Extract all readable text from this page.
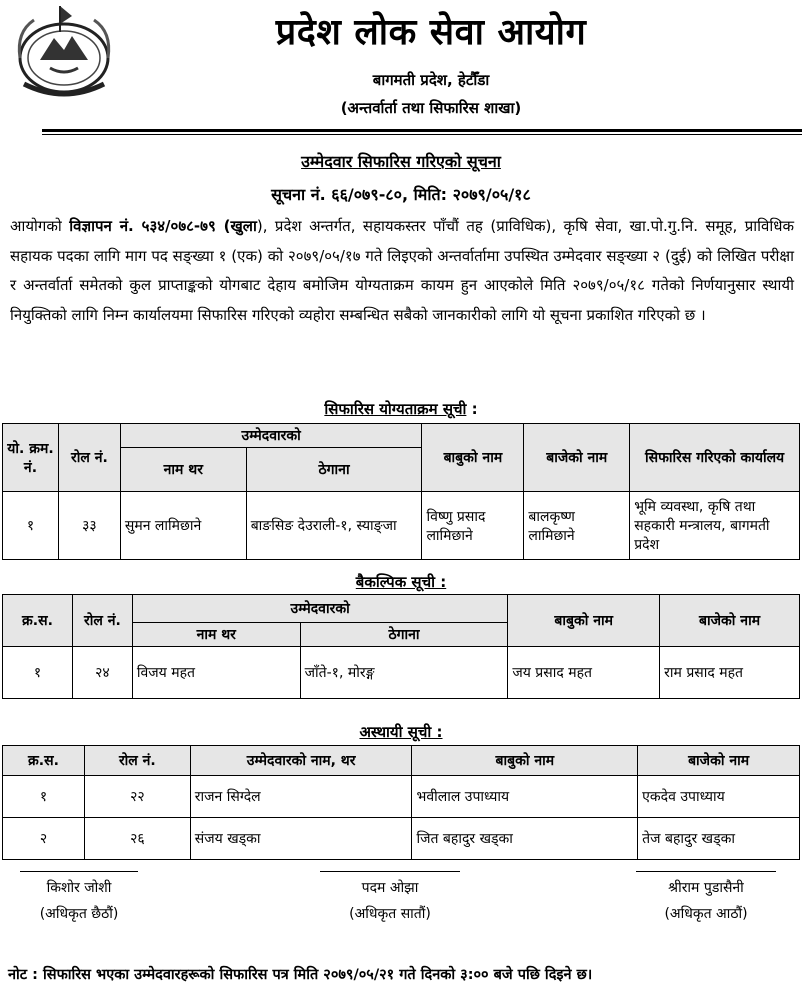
प्रदेश लोक सेवा आयोग
बागमती प्रदेश, हेटौँडा
(अन्तर्वार्ता तथा सिफारिस शाखा)
उम्मेदवार सिफारिस गरिएको सूचना
सूचना नं. ६६/०७९-८०, मिति: २०७९/०५/१८
आयोगको विज्ञापन नं. ५३४/०७८-७९ (खुला), प्रदेश अन्तर्गत, सहायकस्तर पाँचौं तह (प्राविधिक), कृषि सेवा, खा.पो.गु.नि. समूह, प्राविधिक सहायक पदका लागि माग पद सङ्ख्या १ (एक) को २०७९/०५/१७ गते लिइएको अन्तर्वार्तामा उपस्थित उम्मेदवार सङ्ख्या २ (दुई) को लिखित परीक्षा र अन्तर्वार्ता समेतको कुल प्राप्ताङ्कको योगबाट देहाय बमोजिम योग्यताक्रम कायम हुन आएकोले मिति २०७९/०५/१८ गतेको निर्णयानुसार स्थायी नियुक्तिको लागि निम्न कार्यालयमा सिफारिस गरिएको व्यहोरा सम्बन्धित सबैको जानकारीको लागि यो सूचना प्रकाशित गरिएको छ ।
सिफारिस योग्यताक्रम सूची :
यो. क्रम. नं.	रोल नं.	उम्मेदवारको		बाबुको नाम	बाजेको नाम	सिफारिस गरिएको कार्यालय
		नाम थर	ठेगाना			
१	३३	सुमन लामिछाने	बाङसिङ देउराली-१, स्याङ्जा	विष्णु प्रसाद लामिछाने	बालकृष्ण लामिछाने	भूमि व्यवस्था, कृषि तथा सहकारी मन्त्रालय, बागमती प्रदेश
बैकल्पिक सूची :
क्र.स.	रोल नं.	उम्मेदवारको		बाबुको नाम	बाजेको नाम
		नाम थर	ठेगाना		
१	२४	विजय महत	जाँते-१, मोरङ्ग	जय प्रसाद महत	राम प्रसाद महत
अस्थायी सूची :
क्र.स.	रोल नं.	उम्मेदवारको नाम, थर	बाबुको नाम	बाजेको नाम
१	२२	राजन सिग्देल	भवीलाल उपाध्याय	एकदेव उपाध्याय
२	२६	संजय खड्का	जित बहादुर खड्का	तेज बहादुर खड्का
किशोर जोशी
(अधिकृत छैठौं)
पदम ओझा
(अधिकृत सातौं)
श्रीराम पुडासैनी
(अधिकृत आठौं)
नोट : सिफारिस भएका उम्मेदवारहरूको सिफारिस पत्र मिति २०७९/०५/२१ गते दिनको ३:०० बजे पछि दिइने छ।
